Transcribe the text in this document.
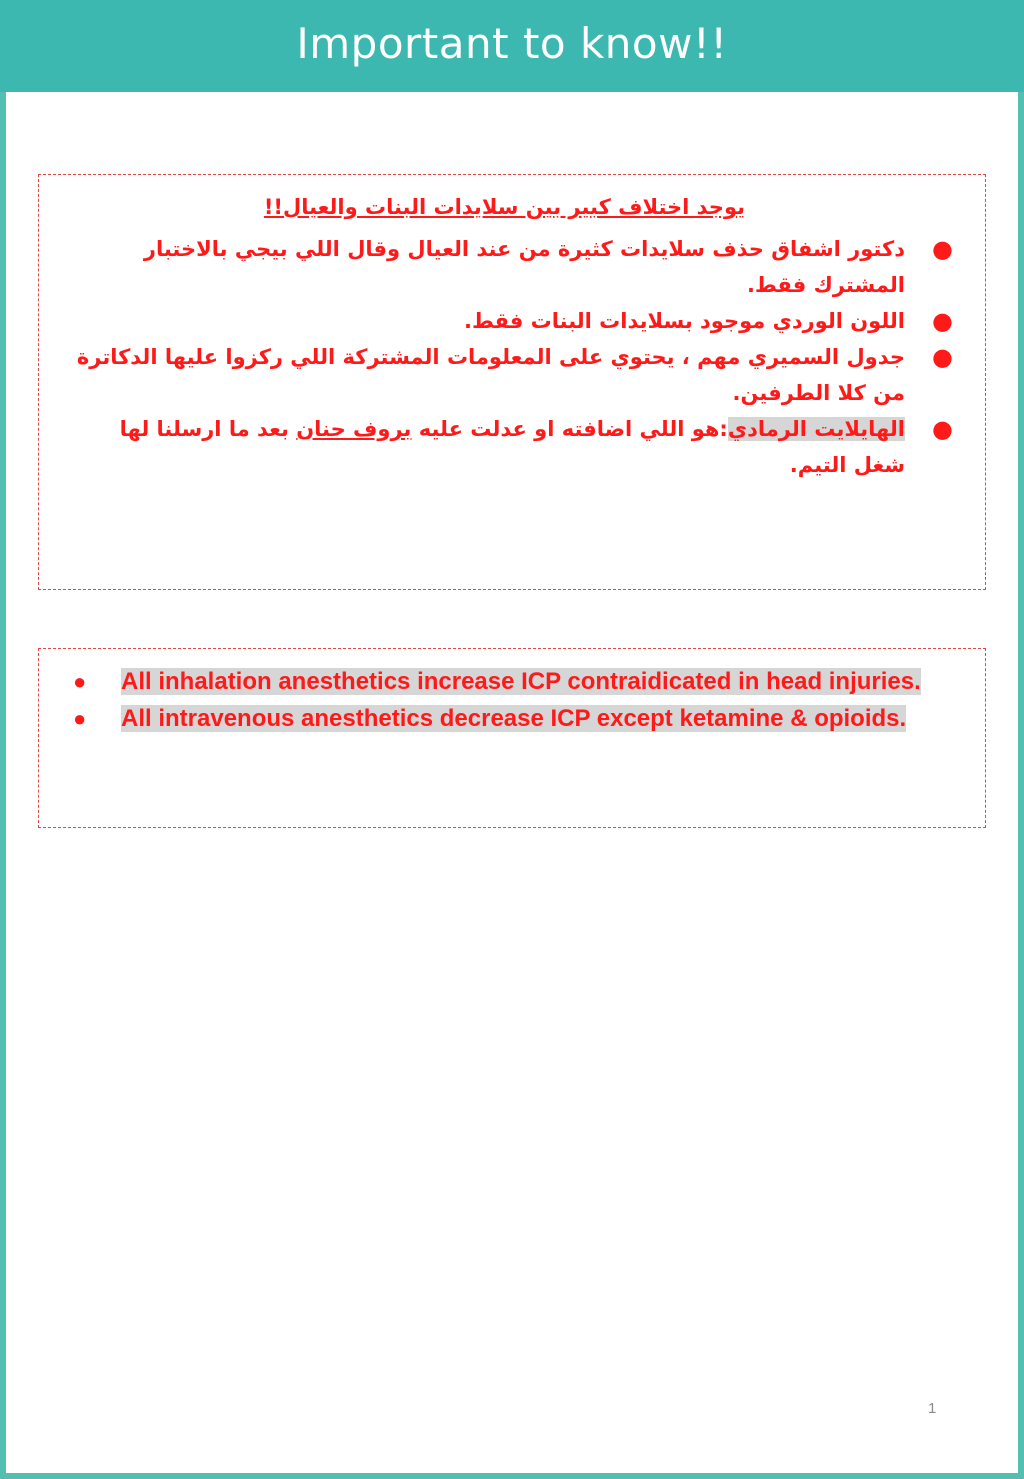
Important to know!!
يوجد اختلاف كبير بين سلايدات البنات والعيال!!
●
دكتور اشفاق حذف سلايدات كثيرة من عند العيال وقال اللي بيجي بالاختبار المشترك فقط.
●
اللون الوردي موجود بسلايدات البنات فقط.
●
جدول السميري مهم ، يحتوي على المعلومات المشتركة اللي ركزوا عليها الدكاترة من كلا الطرفين.
●
الهايلايت الرمادي:هو اللي اضافته او عدلت عليه بروف حنان بعد ما ارسلنا لها شغل التيم.
● All inhalation anesthetics increase ICP contraidicated in head injuries.
● All intravenous anesthetics decrease ICP except ketamine & opioids.
1
